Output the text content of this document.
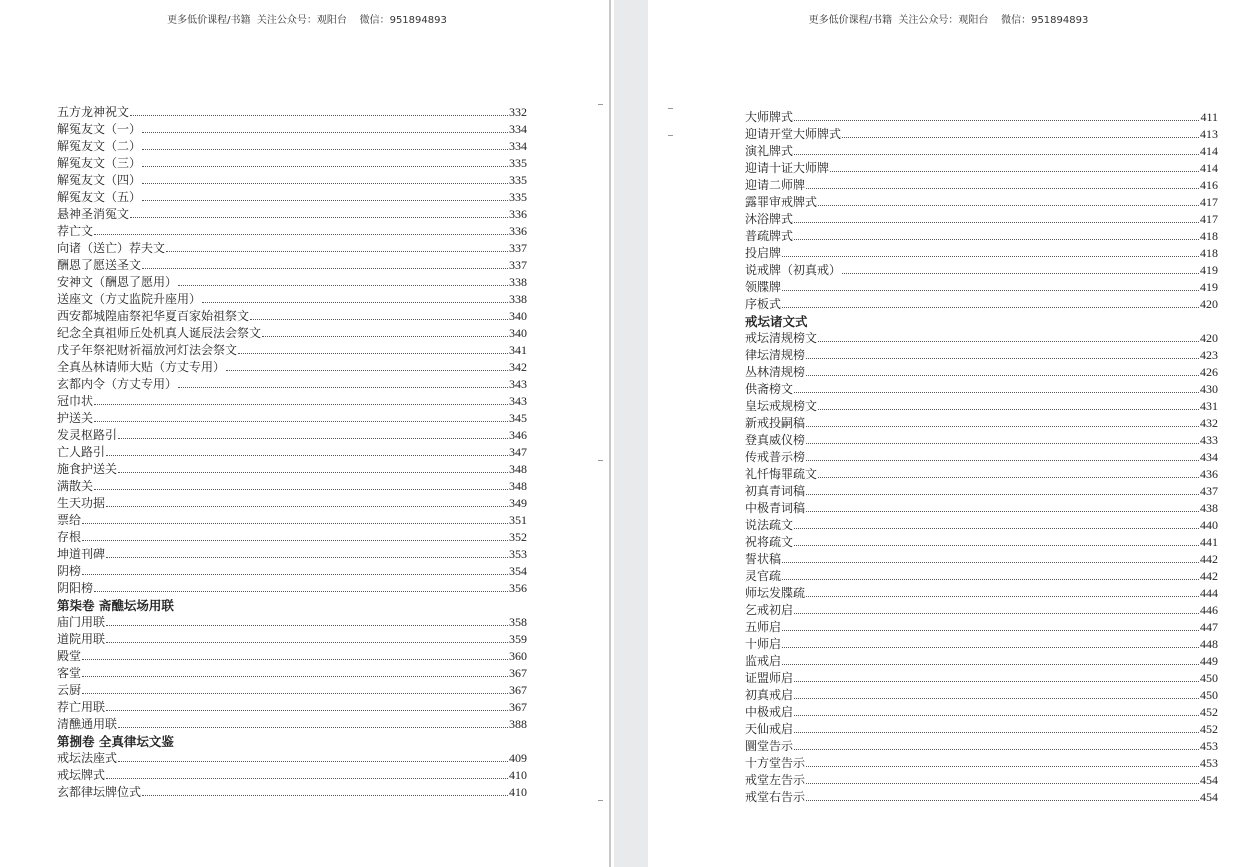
更多低价课程/书籍  关注公众号：观阳台    微信：951894893
五方龙神祝文	332
解冤友文（一）	334
解冤友文（二）	334
解冤友文（三）	335
解冤友文（四）	335
解冤友文（五）	335
悬神圣消冤文	336
荐亡文	336
向诸（送亡）荐夫文	337
酬恩了愿送圣文	337
安神文（酬恩了愿用）	338
送座文（方丈监院升座用）	338
西安都城隍庙祭祀华夏百家始祖祭文	340
纪念全真祖师丘处机真人诞辰法会祭文	340
戊子年祭祀财祈福放河灯法会祭文	341
全真丛林请师大贴（方丈专用）	342
玄都内令（方丈专用）	343
冠巾状	343
护送关	345
发灵枢路引	346
亡人路引	347
施食护送关	348
满散关	348
生天功据	349
票给	351
存根	352
坤道刊碑	353
阴榜	354
阴阳榜	356
第柒卷 斋醮坛场用联
庙门用联	358
道院用联	359
殿堂	360
客堂	367
云厨	367
荐亡用联	367
清醮通用联	388
第捌卷 全真律坛文鉴
戒坛法座式	409
戒坛牌式	410
玄都律坛牌位式	410
更多低价课程/书籍  关注公众号：观阳台    微信：951894893
大师牌式	411
迎请开堂大师牌式	413
演礼牌式	414
迎请十证大师牌	414
迎请二师牌	416
露罪审戒牌式	417
沐浴牌式	417
普疏牌式	418
投启牌	418
说戒牌（初真戒）	419
领牒牌	419
序板式	420
戒坛诸文式
戒坛清规榜文	420
律坛清规榜	423
丛林清规榜	426
供斋榜文	430
皇坛戒规榜文	431
新戒投嗣稿	432
登真威仪榜	433
传戒普示榜	434
礼忏悔罪疏文	436
初真青词稿	437
中极青词稿	438
说法疏文	440
祝将疏文	441
誓状稿	442
灵官疏	442
师坛发牒疏	444
乞戒初启	446
五师启	447
十师启	448
监戒启	449
证盟师启	450
初真戒启	450
中极戒启	452
天仙戒启	452
圜堂告示	453
十方堂告示	453
戒堂左告示	454
戒堂右告示	454
